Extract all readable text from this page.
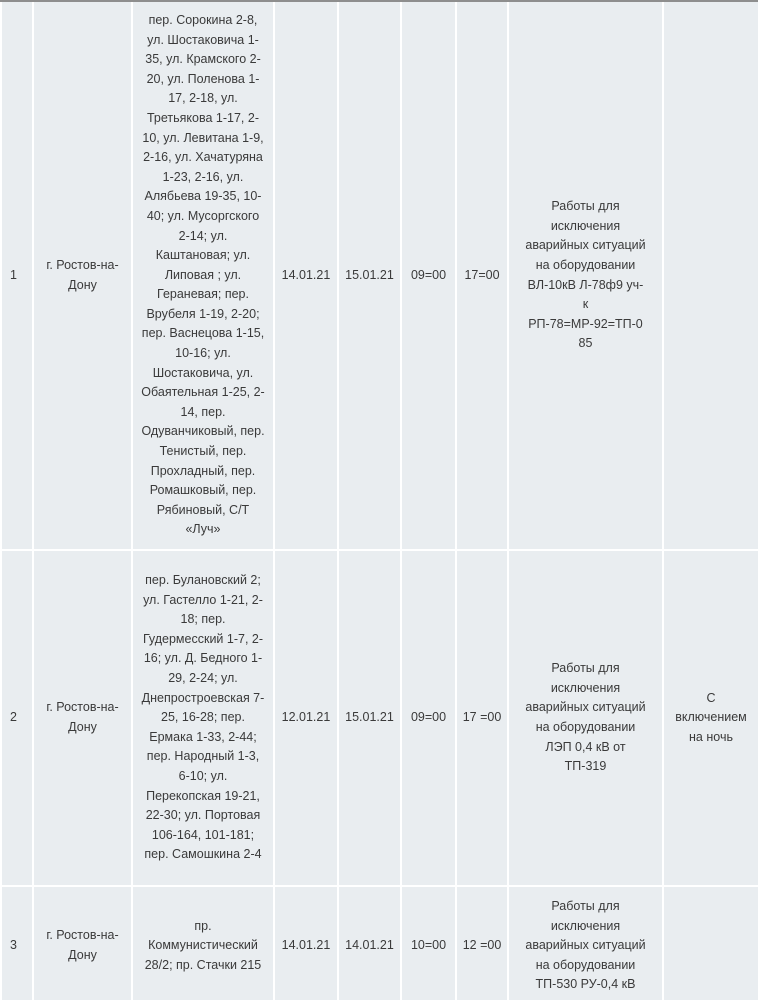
1	г. Ростов-на-Дону	пер. Сорокина 2-8, ул. Шостаковича 1-35, ул. Крамского 2-20, ул. Поленова 1-17, 2-18, ул. Третьякова 1-17, 2-10, ул. Левитана 1-9, 2-16, ул. Хачатуряна 1-23, 2-16, ул. Алябьева 19-35, 10-40; ул. Мусоргского 2-14; ул. Каштановая; ул. Липовая ; ул. Гераневая; пер. Врубеля 1-19, 2-20; пер. Васнецова 1-15, 10-16; ул. Шостаковича, ул. Обаятельная 1-25, 2-14, пер. Одуванчиковый, пер. Тенистый, пер. Прохладный, пер. Ромашковый, пер. Рябиновый, С/Т «Луч»	14.01.21	15.01.21	09=00	17=00	Работы для исключения аварийных ситуаций на оборудовании ВЛ-10кВ Л-78ф9 уч-к РП-78=МР-92=ТП-085	
2	г. Ростов-на-Дону	пер. Булановский 2; ул. Гастелло 1-21, 2-18; пер. Гудермесский 1-7, 2-16; ул. Д. Бедного 1-29, 2-24; ул. Днепростроевская 7-25, 16-28; пер. Ермака 1-33, 2-44; пер. Народный 1-3, 6-10; ул. Перекопская 19-21, 22-30; ул. Портовая 106-164, 101-181; пер. Самошкина 2-4	12.01.21	15.01.21	09=00	17 =00	Работы для исключения аварийных ситуаций на оборудовании ЛЭП 0,4 кВ от ТП-319	С включением на ночь
3	г. Ростов-на-Дону	пр. Коммунистический 28/2; пр. Стачки 215	14.01.21	14.01.21	10=00	12 =00	Работы для исключения аварийных ситуаций на оборудовании ТП-530 РУ-0,4 кВ	
